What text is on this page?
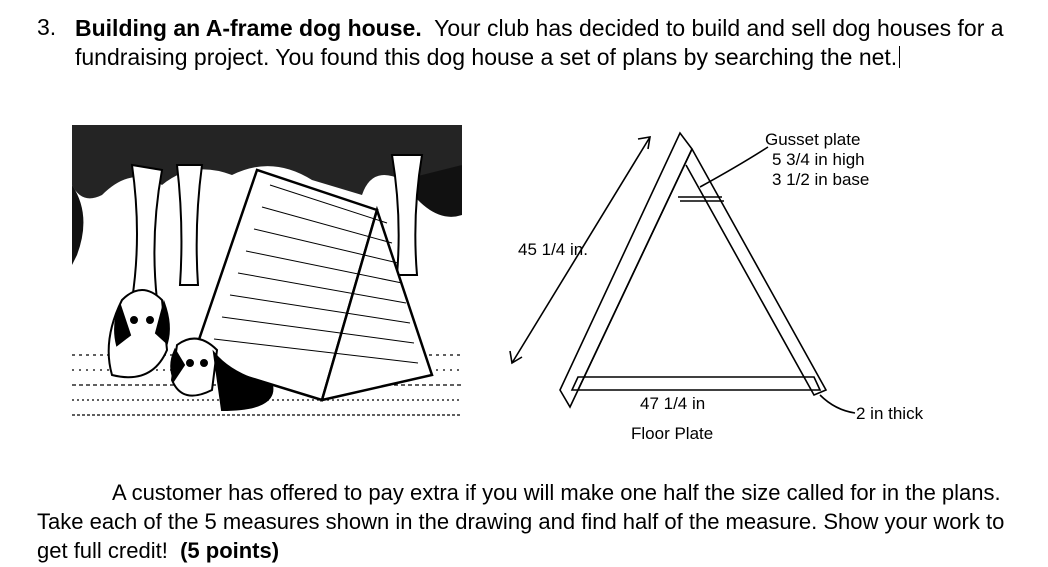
3. Building an A-frame dog house. Your club has decided to build and sell dog houses for a fundraising project. You found this dog house a set of plans by searching the net.
45 1/4 in.
Gusset plate
5 3/4 in high
3 1/2 in base
47 1/4 in
Floor Plate
2 in thick
A customer has offered to pay extra if you will make one half the size called for in the plans. Take each of the 5 measures shown in the drawing and find half of the measure. Show your work to get full credit! (5 points)
